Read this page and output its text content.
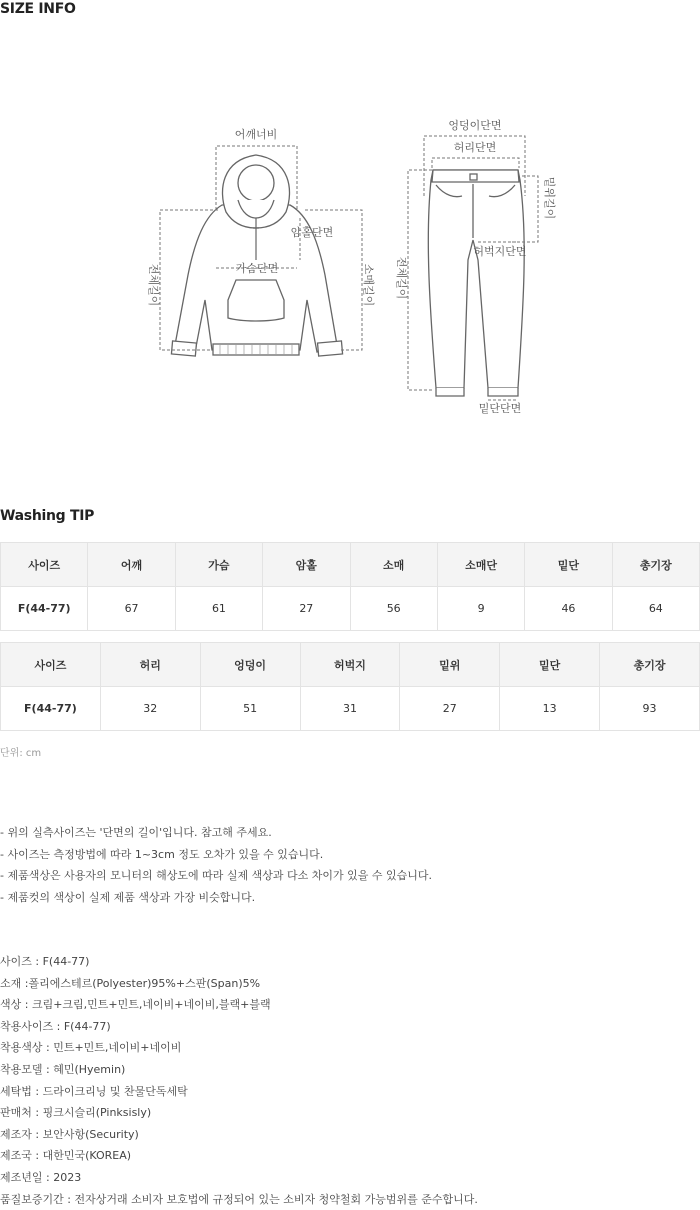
SIZE INFO
어깨너비
암홀단면
가슴단면
전체길이	소매길이
엉덩이단면
허리단면
밑위길이
허벅지단면
전체길이
밑단단면
Washing TIP
사이즈	어깨	가슴	암홀	소매	소매단	밑단	총기장
F(44-77)	67	61	27	56	9	46	64
사이즈	허리	엉덩이	허벅지	밑위	밑단	총기장
F(44-77)	32	51	31	27	13	93
단위: cm
- 위의 실측사이즈는 '단면의 길이'입니다. 참고해 주세요.
- 사이즈는 측정방법에 따라 1~3cm 정도 오차가 있을 수 있습니다.
- 제품색상은 사용자의 모니터의 해상도에 따라 실제 색상과 다소 차이가 있을 수 있습니다.
- 제품컷의 색상이 실제 제품 색상과 가장 비슷합니다.
사이즈 : F(44-77)
소재 :폴리에스테르(Polyester)95%+스판(Span)5%
색상 : 크림+크림,민트+민트,네이비+네이비,블랙+블랙
착용사이즈 : F(44-77)
착용색상 : 민트+민트,네이비+네이비
착용모델 : 혜민(Hyemin)
세탁법 : 드라이크리닝 및 찬물단독세탁
판매처 : 핑크시슬리(Pinksisly)
제조자 : 보안사항(Security)
제조국 : 대한민국(KOREA)
제조년일 : 2023
품질보증기간 : 전자상거래 소비자 보호법에 규정되어 있는 소비자 청약철회 가능범위를 준수합니다.
